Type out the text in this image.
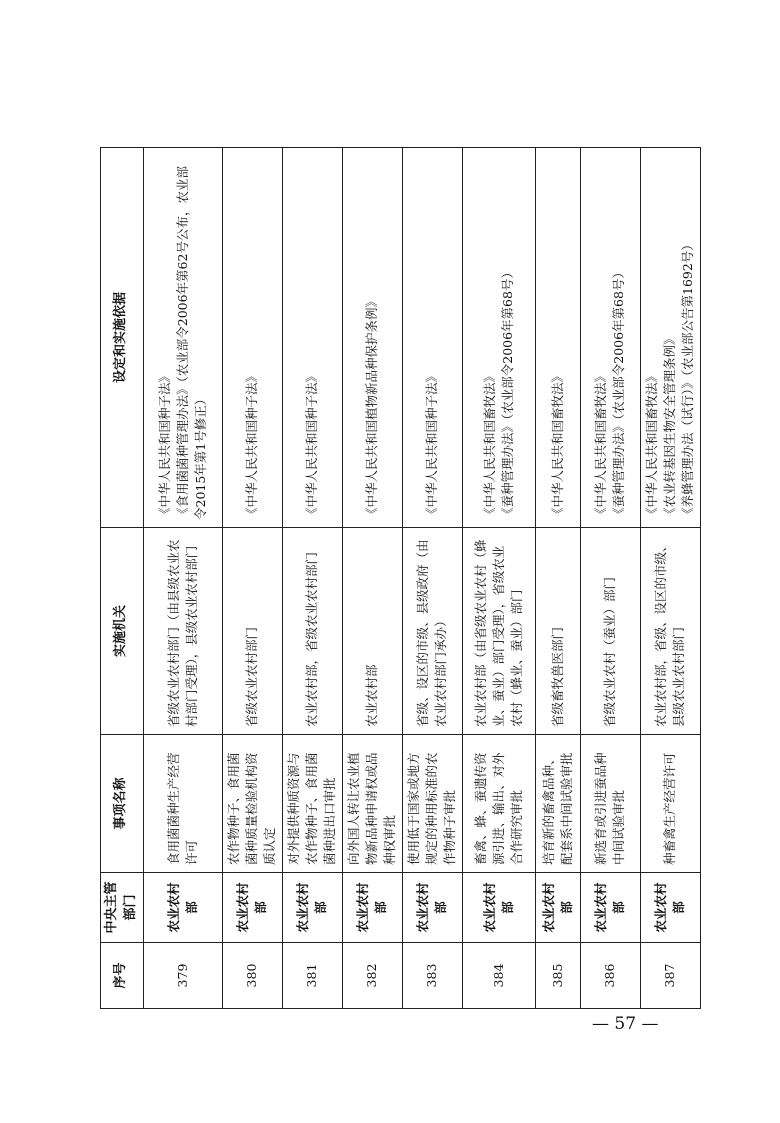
序号	中央主管部门	事项名称	实施机关	设定和实施依据
379	农业农村部	食用菌菌种生产经营许可	省级农业农村部门（由县级农业农村部门受理），县级农业农村部门	《中华人民共和国种子法》 《食用菌菌种管理办法》（农业部令2006年第62号公布，农业部令2015年第1号修正）

380	农业农村部	农作物种子、食用菌菌种质量检验机构资质认定	省级农业农村部门	《中华人民共和国种子法》

381	农业农村部	对外提供种质资源与农作物种子、食用菌菌种进出口审批	农业农村部，省级农业农村部门	《中华人民共和国种子法》

382	农业农村部	向外国人转让农业植物新品种申请权或品种权审批	农业农村部	《中华人民共和国植物新品种保护条例》

383	农业农村部	使用低于国家或地方规定的种用标准的农作物种子审批	省级、设区的市级、县级政府（由农业农村部门承办）	《中华人民共和国种子法》

384	农业农村部	畜禽、蜂、蚕遗传资源引进、输出、对外合作研究审批	农业农村部（由省级农业农村（蜂业、蚕业）部门受理），省级农业农村（蜂业、蚕业）部门	《中华人民共和国畜牧法》 《蚕种管理办法》（农业部令2006年第68号）

385	农业农村部	培育新的畜禽品种、配套系中间试验审批	省级畜牧兽医部门	《中华人民共和国畜牧法》

386	农业农村部	新选育或引进蚕品种中间试验审批	省级农业农村（蚕业）部门	《中华人民共和国畜牧法》 《蚕种管理办法》（农业部令2006年第68号）

387	农业农村部	种畜禽生产经营许可	农业农村部，省级、设区的市级、县级农业农村部门	《中华人民共和国畜牧法》 《农业转基因生物安全管理条例》 《养蜂管理办法（试行）》（农业部公告第1692号）
— 57 —
